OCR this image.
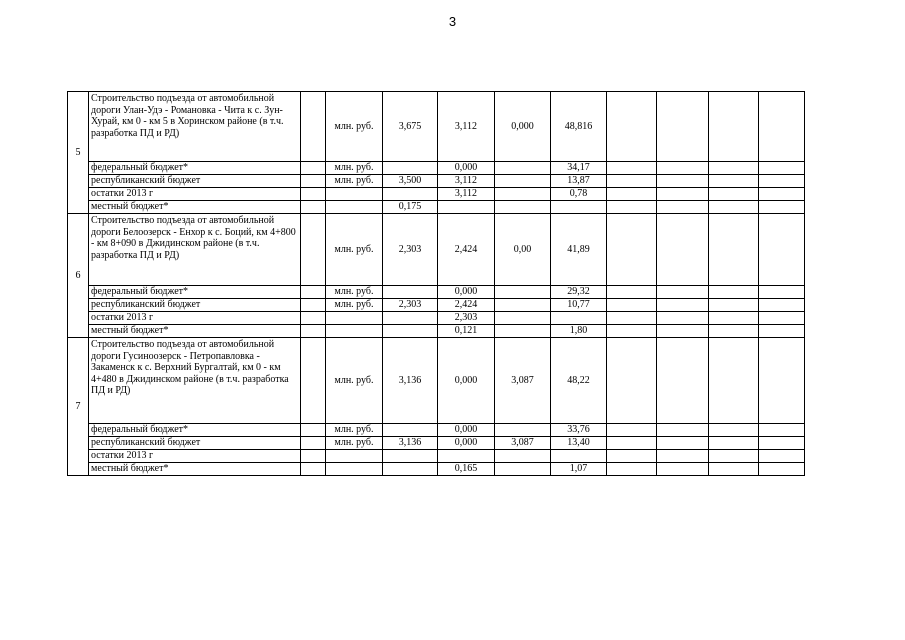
3
5	Строительство подъезда от автомобильной дороги Улан-Удэ - Романовка - Чита к с. Зун-Хурай, км 0 - км 5 в Хоринском районе (в т.ч. разработка ПД и РД)		млн. руб.	3,675	3,112	0,000	48,816				
	федеральный бюджет*		млн. руб.		0,000		34,17				
	республиканский бюджет		млн. руб.	3,500	3,112		13,87				
	остатки 2013 г				3,112		0,78				
	местный бюджет*			0,175							
6	Строительство подъезда от автомобильной дороги Белоозерск - Енхор к с. Боций, км 4+800 - км 8+090 в Джидинском районе (в т.ч. разработка ПД и РД)		млн. руб.	2,303	2,424	0,00	41,89				
	федеральный бюджет*		млн. руб.		0,000		29,32				
	республиканский бюджет		млн. руб.	2,303	2,424		10,77				
	остатки 2013 г				2,303						
	местный бюджет*				0,121		1,80				
7	Строительство подъезда от автомобильной дороги Гусиноозерск - Петропавловка - Закаменск к с. Верхний Бургалтай, км 0 - км 4+480 в Джидинском районе (в т.ч. разработка ПД и РД)		млн. руб.	3,136	0,000	3,087	48,22				
	федеральный бюджет*		млн. руб.		0,000		33,76				
	республиканский бюджет		млн. руб.	3,136	0,000	3,087	13,40				
	остатки 2013 г										
	местный бюджет*				0,165		1,07				
